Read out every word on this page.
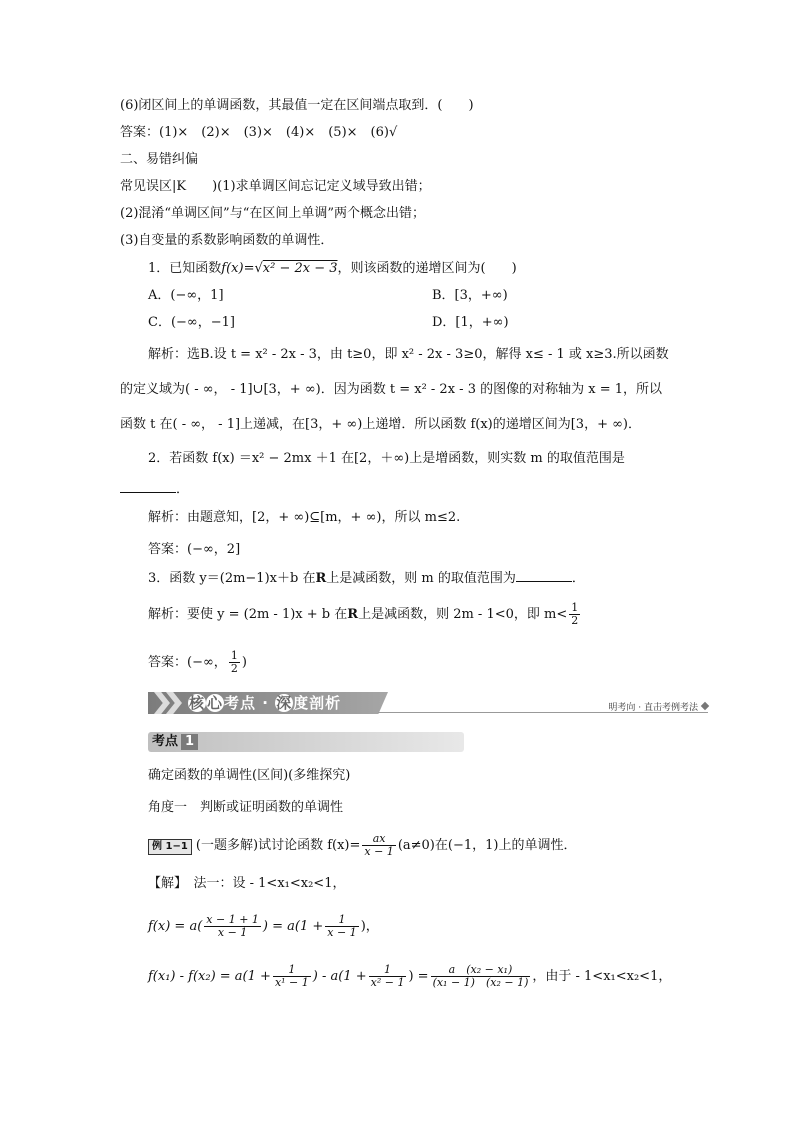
(6)闭区间上的单调函数，其最值一定在区间端点取到．(　　)
答案：(1)×　(2)×　(3)×　(4)×　(5)×　(6)√
二、易错纠偏
常见误区|K )(1)求单调区间忘记定义域导致出错；
(2)混淆“单调区间”与“在区间上单调”两个概念出错；
(3)自变量的系数影响函数的单调性．
1．已知函数f(x)=√x² − 2x − 3，则该函数的递增区间为(　　)
A．(−∞，1]	B．[3，+∞)
C．(−∞，−1]	D．[1，+∞)
解析：选B.设 t = x² - 2x - 3，由 t≥0，即 x² - 2x - 3≥0，解得 x≤ - 1 或 x≥3.所以函数
的定义域为( - ∞， - 1]∪[3，+ ∞)．因为函数 t = x² - 2x - 3 的图像的对称轴为 x = 1，所以
函数 t 在( - ∞， - 1]上递减，在[3，+ ∞)上递增．所以函数 f(x)的递增区间为[3，+ ∞)．
2．若函数 f(x) ＝x² − 2mx ＋1 在[2，＋∞)上是增函数，则实数 m 的取值范围是
．
解析：由题意知，[2，+ ∞)⊆[m，+ ∞)，所以 m≤2.
答案：(−∞，2]
3．函数 y＝(2m−1)x＋b 在R上是减函数，则 m 的取值范围为	．
解析：要使 y = (2m - 1)x + b 在R上是减函数，则 2m - 1<0，即 $m< \frac{1}{2}$
答案：(−∞， $\frac{1}{2}$ )
核 心考点 · 深度剖析	明考向 · 直击考例考法
考点 1
确定函数的单调性(区间)(多维探究)
角度一　判断或证明函数的单调性
例 1−1 (一题多解)试讨论函数 $f(x)= \frac{ax}{x - 1} (a\ne 0)$在(−1，1)上的单调性．
【解】　法一：设 - 1<x₁<x₂<1，
$f(x) = a( \frac{x - 1 + 1}{x - 1}$ ) = $a(1 + \frac{1}{x - 1}$ )，
$f(x_1) - f(x_2) = a(1 + \frac{1}{\text{x¹ − 1}}$ ) - $a(1 + \frac{1}{\text{x² − 1}}$ ) = $\frac{\text{a　(x₂ − x₁)}}{\text{(x₁ − 1)　(x₂ − 1)}}$ ，由于 - 1<x₁<x₂<1，
